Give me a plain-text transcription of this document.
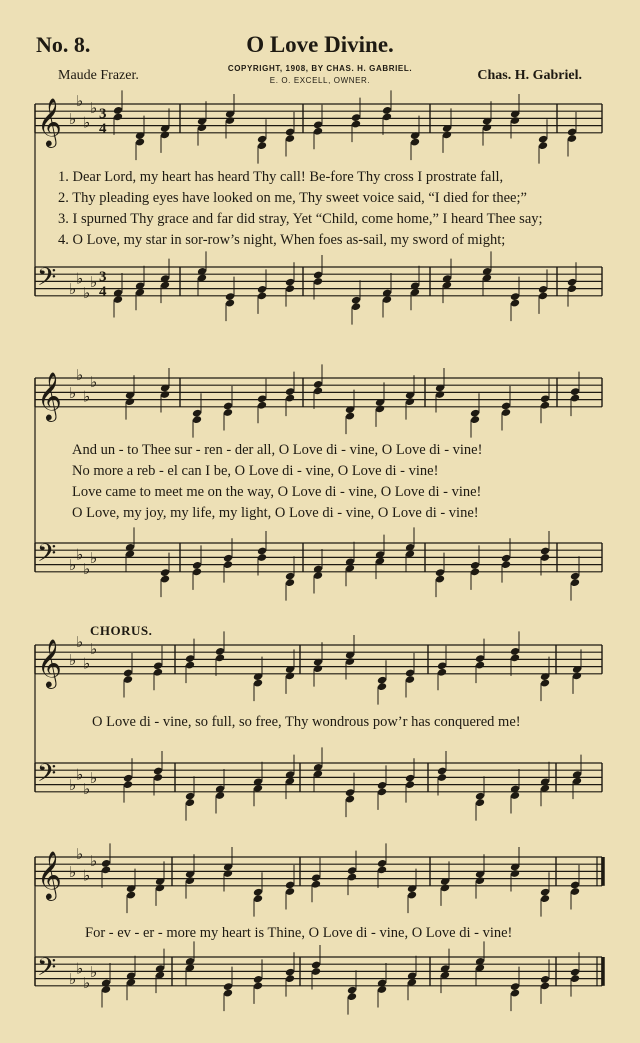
No. 8.	O Love Divine.
Maude Frazer.	Chas. H. Gabriel.
COPYRIGHT, 1908, BY CHAS. H. GABRIEL.
E. O. EXCELL, OWNER.
𝄞 ♭
♭
♭
♭ 3
4
𝄢 ♭
♭
♭
♭ 3
4
𝄞 ♭
♭
♭
♭
𝄢 ♭
♭
♭
♭
𝄞 ♭
♭
♭
♭
𝄢 ♭
♭
♭
♭
𝄞 ♭
♭
♭
♭
𝄢 ♭
♭
♭
♭
1. Dear Lord, my heart has heard Thy call! Be-fore Thy cross I prostrate fall,
2. Thy pleading eyes have looked on me, Thy sweet voice said, “I died for thee;”
3. I spurned Thy grace and far did stray, Yet “Child, come home,” I heard Thee say;
4. O Love, my star in sor-row’s night, When foes as-sail, my sword of might;
And un - to Thee sur - ren - der all, O Love di - vine, O Love di - vine!
No more a reb - el can I be, O Love di - vine, O Love di - vine!
Love came to meet me on the way, O Love di - vine, O Love di - vine!
O Love, my joy, my life, my light, O Love di - vine, O Love di - vine!
CHORUS.
O Love di - vine, so full, so free, Thy wondrous pow’r has conquered me!
For - ev - er - more my heart is Thine, O Love di - vine, O Love di - vine!
